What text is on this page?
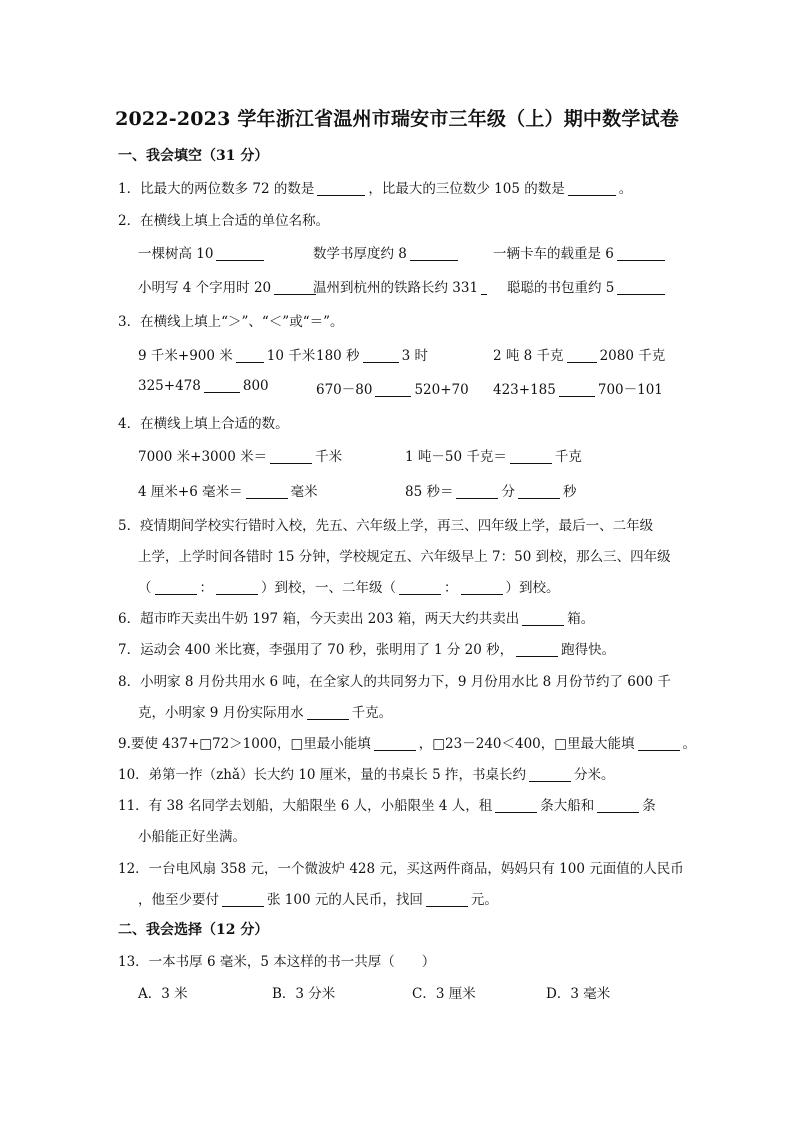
2022-2023 学年浙江省温州市瑞安市三年级（上）期中数学试卷
一、我会填空（31 分）
1．比最大的两位数多 72 的数是	，比最大的三位数少 105 的数是	。
2．在横线上填上合适的单位名称。
一棵树高 10	数学书厚度约 8	一辆卡车的载重是 6
小明写 4 个字用时 20	温州到杭州的铁路长约 331	聪聪的书包重约 5
3．在横线上填上“＞”、“＜”或“＝”。
9 千米+900 米	10 千米 180 秒	3 时	2 吨 8 千克	2080 千克
325+478	800	670－80	520+70 423+185	700－101
4．在横线上填上合适的数。
7000 米+3000 米＝	千米	1 吨－50 千克＝	千克
4 厘米+6 毫米＝	毫米	85 秒＝	分	秒
5．疫情期间学校实行错时入校，先五、六年级上学，再三、四年级上学，最后一、二年级
上学，上学时间各错时 15 分钟，学校规定五、六年级早上 7：50 到校，那么三、四年级
（	：	）到校，一、二年级（	：	）到校。
6．超市昨天卖出牛奶 197 箱，今天卖出 203 箱，两天大约共卖出	箱。
7．运动会 400 米比赛，李强用了 70 秒，张明用了 1 分 20 秒，	跑得快。
8．小明家 8 月份共用水 6 吨，在全家人的共同努力下，9 月份用水比 8 月份节约了 600 千
克，小明家 9 月份实际用水	千克。
9.要使 437+□72＞1000，□里最小能填	，□23－240＜400，□里最大能填	。
10．弟第一拃（zhǎ）长大约 10 厘米，量的书桌长 5 拃，书桌长约	分米。
11．有 38 名同学去划船，大船限坐 6 人，小船限坐 4 人，租	条大船和	条
小船能正好坐满。
12．一台电风扇 358 元，一个微波炉 428 元，买这两件商品，妈妈只有 100 元面值的人民币
，他至少要付	张 100 元的人民币，找回	元。
二、我会选择（12 分）
13．一本书厚 6 毫米，5 本这样的书一共厚（　　）
A．3 米	B．3 分米	C．3 厘米	D．3 毫米
